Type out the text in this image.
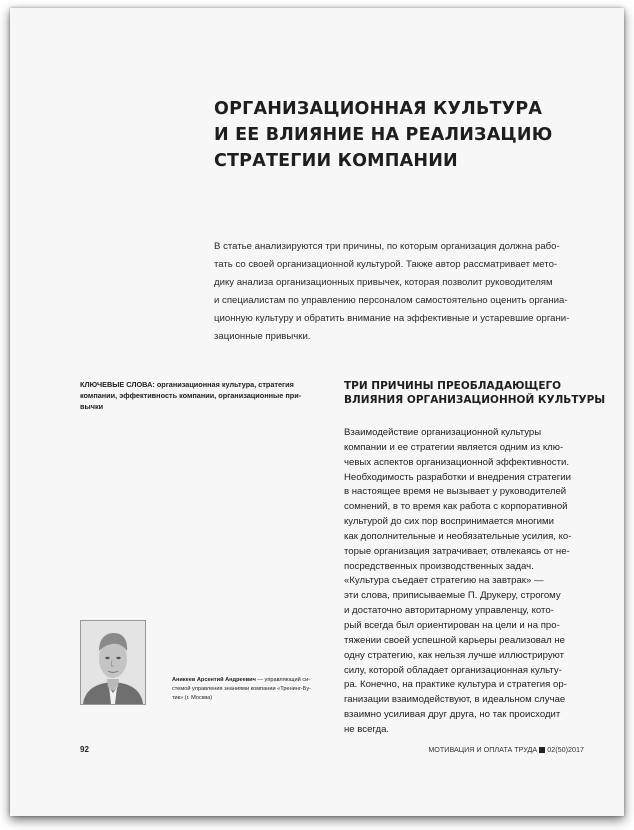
ОРГАНИЗАЦИОННАЯ КУЛЬТУРА
И ЕЕ ВЛИЯНИЕ НА РЕАЛИЗАЦИЮ
СТРАТЕГИИ КОМПАНИИ
В статье анализируются три причины, по которым организация должна рабо-
тать со своей организационной культурой. Также автор рассматривает мето-
дику анализа организационных привычек, которая позволит руководителям
и специалистам по управлению персоналом самостоятельно оценить органиа-
ционную культуру и обратить внимание на эффективные и устаревшие органи-
зационные привычки.
КЛЮЧЕВЫЕ СЛОВА: организационная культура, стратегия
компании, эффективность компании, организационные при-
вычки
ТРИ ПРИЧИНЫ ПРЕОБЛАДАЮЩЕГО
ВЛИЯНИЯ ОРГАНИЗАЦИОННОЙ КУЛЬТУРЫ
Взаимодействие организационной культуры
компании и ее стратегии является одним из клю-
чевых аспектов организационной эффективности.
Необходимость разработки и внедрения стратегии
в настоящее время не вызывает у руководителей
сомнений, в то время как работа с корпоративной
культурой до сих пор воспринимается многими
как дополнительные и необязательные усилия, ко-
торые организация затрачивает, отвлекаясь от не-
посредственных производственных задач.
«Культура съедает стратегию на завтрак» —
эти слова, приписываемые П. Друкеру, строгому
и достаточно авторитарному управленцу, кото-
рый всегда был ориентирован на цели и на про-
тяжении своей успешной карьеры реализовал не
одну стратегию, как нельзя лучше иллюстрируют
силу, которой обладает организационная культу-
ра. Конечно, на практике культура и стратегия ор-
ганизации взаимодействуют, в идеальном случае
взаимно усиливая друг друга, но так происходит
не всегда.
Аникеев Арсентий Андреевич — управляющий си-
стемой управления знаниями компании «Тренинг-Бу-
тик» (г. Москва)
92	МОТИВАЦИЯ И ОПЛАТА ТРУДА 02(50)2017
